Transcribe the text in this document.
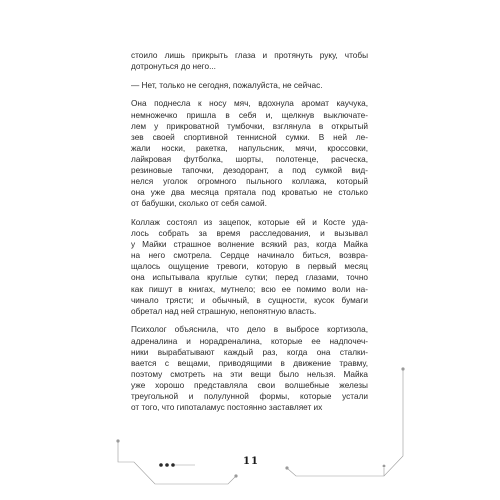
стоило лишь прикрыть глаза и протянуть руку, чтобы
дотронуться до него...

— Нет, только не сегодня, пожалуйста, не сейчас.

Она поднесла к носу мяч, вдохнула аромат каучука,
немножечко пришла в себя и, щелкнув выключате-
лем у прикроватной тумбочки, взглянула в открытый
зев своей спортивной теннисной сумки. В ней ле-
жали носки, ракетка, напульсник, мячи, кроссовки,
лайкровая футболка, шорты, полотенце, расческа,
резиновые тапочки, дезодорант, а под сумкой вид-
нелся уголок огромного пыльного коллажа, который
она уже два месяца прятала под кроватью не столько
от бабушки, сколько от себя самой.

Коллаж состоял из зацепок, которые ей и Косте уда-
лось собрать за время расследования, и вызывал
у Майки страшное волнение всякий раз, когда Майка
на него смотрела. Сердце начинало биться, возвра-
щалось ощущение тревоги, которую в первый месяц
она испытывала круглые сутки; перед глазами, точно
как пишут в книгах, мутнело; всю ее помимо воли на-
чинало трясти; и обычный, в сущности, кусок бумаги
обретал над ней страшную, непонятную власть.

Психолог объяснила, что дело в выбросе кортизола,
адреналина и норадреналина, которые ее надпочеч-
ники вырабатывают каждый раз, когда она сталки-
вается с вещами, приводящими в движение травму,
поэтому смотреть на эти вещи было нельзя. Майка
уже хорошо представляла свои волшебные железы
треугольной и полулунной формы, которые устали
от того, что гипоталамус постоянно заставляет их

11
